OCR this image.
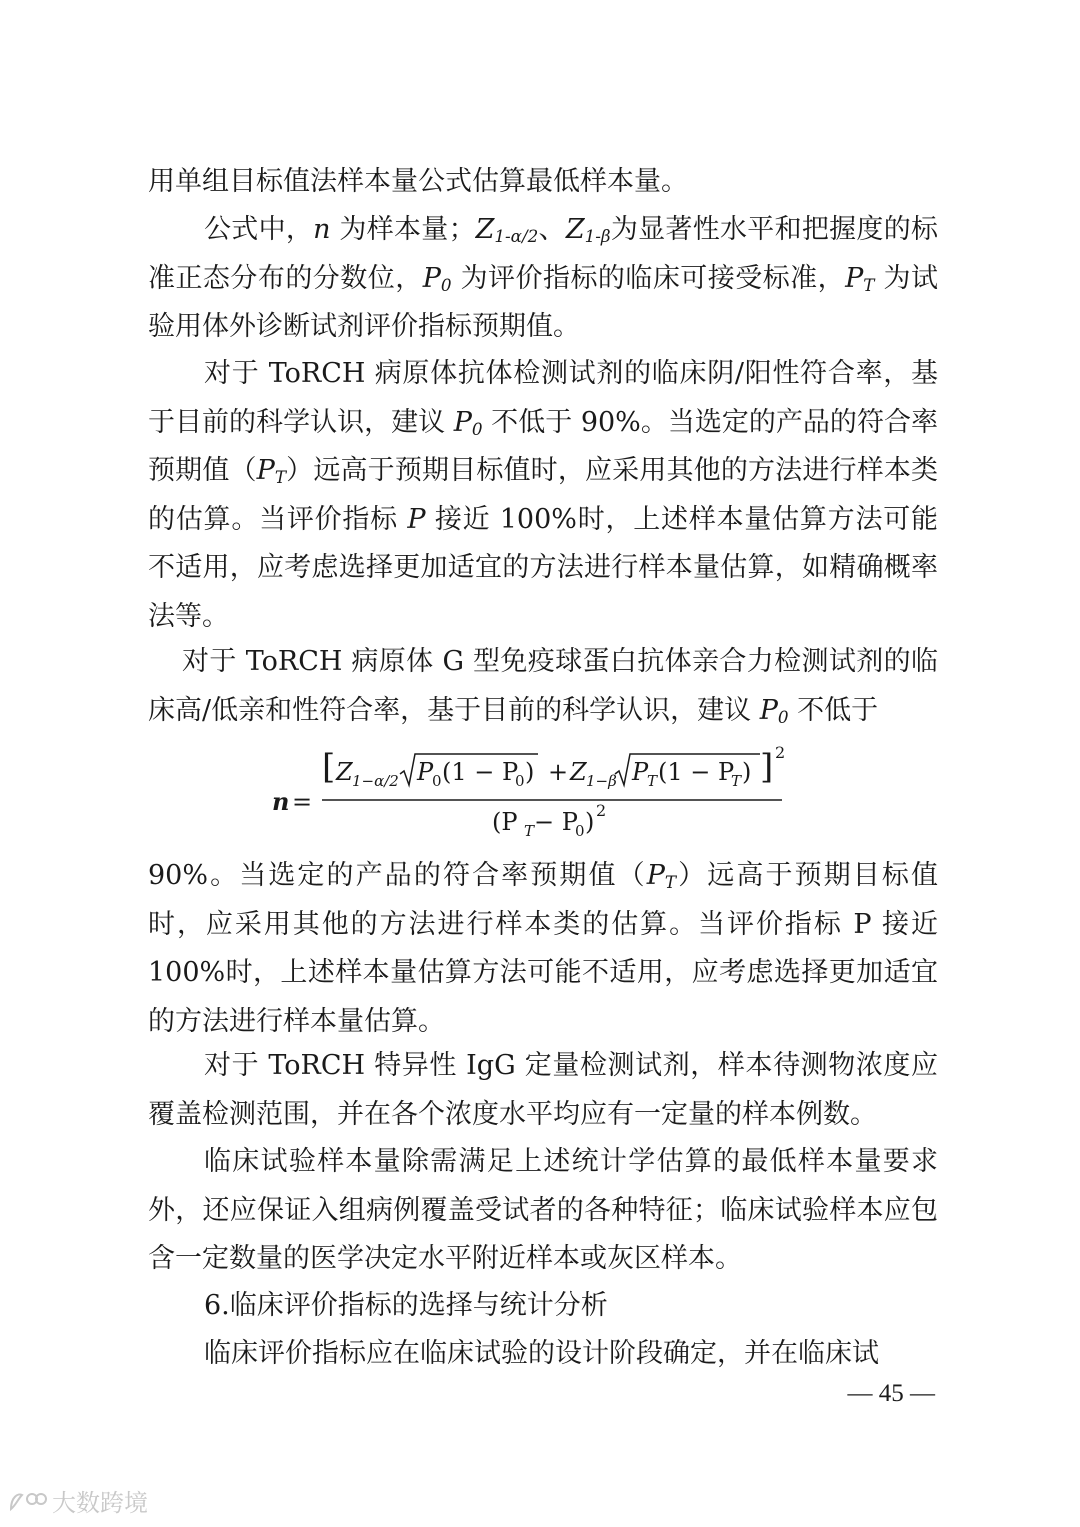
用单组目标值法样本量公式估算最低样本量。

公式中，n 为样本量；$Z_{1-\alpha/2}$、$Z_{1-\beta}$为显著性水平和把握度的标准正态分布的分数位，$P_0$ 为评价指标的临床可接受标准，$P_T$ 为试验用体外诊断试剂评价指标预期值。

对于 ToRCH 病原体抗体检测试剂的临床阴/阳性符合率，基于目前的科学认识，建议 $P_0$ 不低于 90%。当选定的产品的符合率预期值$(P_T)$远高于预期目标值时，应采用其他的方法进行样本类的估算。当评价指标 P 接近 100%时，上述样本量估算方法可能不适用，应考虑选择更加适宜的方法进行样本量估算，如精确概率法等。

对于 ToRCH 病原体 G 型免疫球蛋白抗体亲合力检测试剂的临床高/低亲和性符合率，基于目前的科学认识，建议 $P_0$ 不低于

n =
[ Z 1−α/2 P
0 (1 − P
0 ) + Z 1−β P
T (1 − P
T ) ] 2
(P T − P
0 ) 2

90%。当选定的产品的符合率预期值$(P_T)$远高于预期目标值时，应采用其他的方法进行样本类的估算。当评价指标 P 接近 100%时，上述样本量估算方法可能不适用，应考虑选择更加适宜的方法进行样本量估算。

对于 ToRCH 特异性 IgG 定量检测试剂，样本待测物浓度应覆盖检测范围，并在各个浓度水平均应有一定量的样本例数。

临床试验样本量除需满足上述统计学估算的最低样本量要求外，还应保证入组病例覆盖受试者的各种特征；临床试验样本应包含一定数量的医学决定水平附近样本或灰区样本。

6.临床评价指标的选择与统计分析

临床评价指标应在临床试验的设计阶段确定，并在临床试

— 45 —
大数跨境
